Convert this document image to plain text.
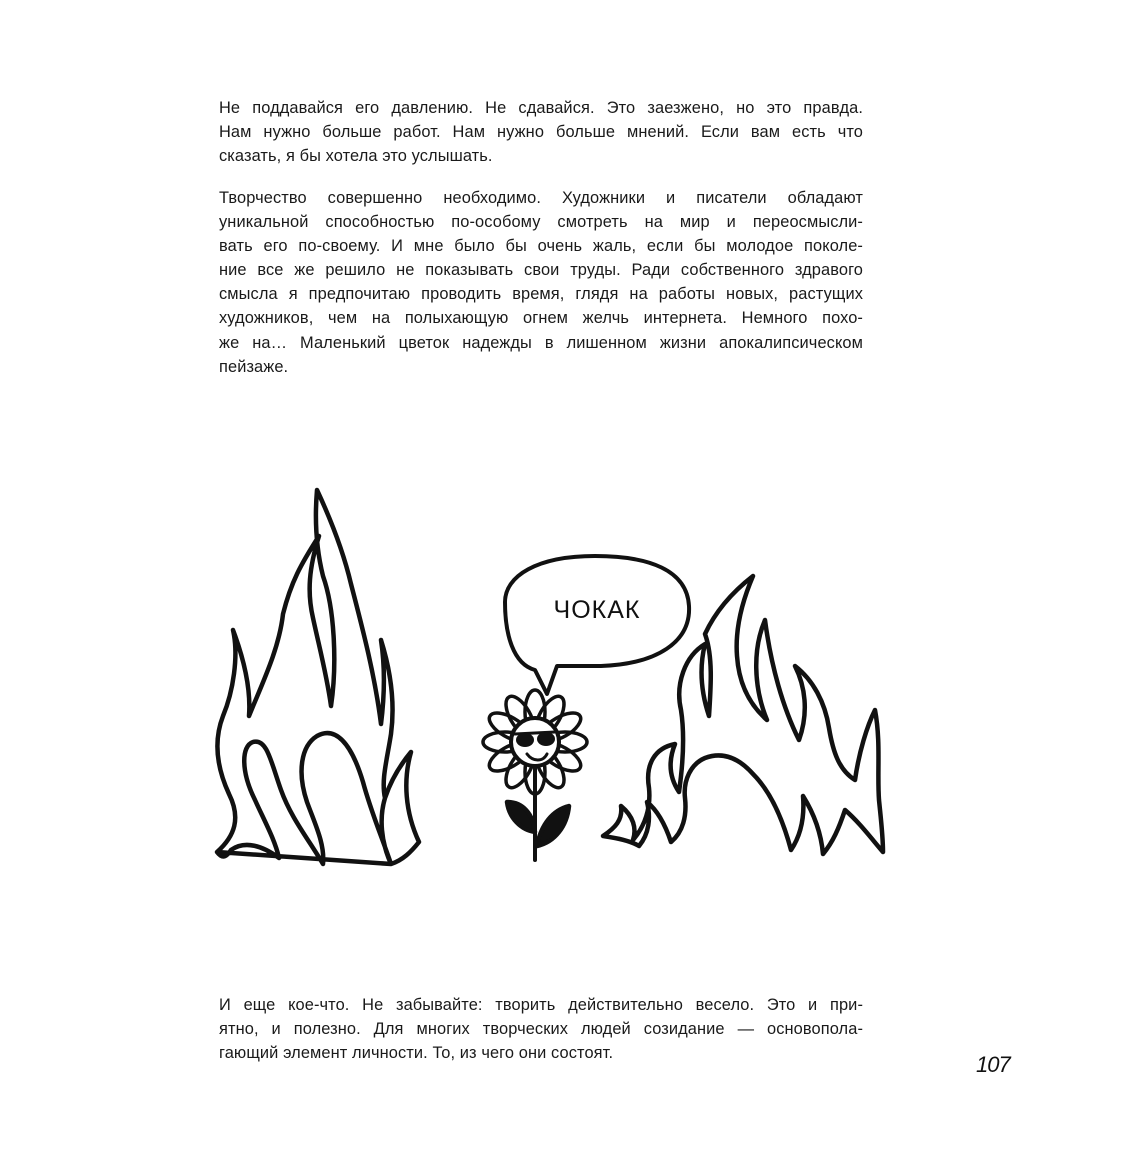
Не поддавайся его давлению. Не сдавайся. Это заезжено, но это правда.
Нам нужно больше работ. Нам нужно больше мнений. Если вам есть что
сказать, я бы хотела это услышать.

Творчество совершенно необходимо. Художники и писатели обладают
уникальной способностью по-особому смотреть на мир и переосмысли-
вать его по-своему. И мне было бы очень жаль, если бы молодое поколе-
ние все же решило не показывать свои труды. Ради собственного здравого
смысла я предпочитаю проводить время, глядя на работы новых, растущих
художников, чем на полыхающую огнем желчь интернета. Немного похо-
же на… Маленький цветок надежды в лишенном жизни апокалипсическом
пейзаже.

ЧОКАК

И еще кое-что. Не забывайте: творить действительно весело. Это и при-
ятно, и полезно. Для многих творческих людей созидание — основопола-
гающий элемент личности. То, из чего они состоят.	107
